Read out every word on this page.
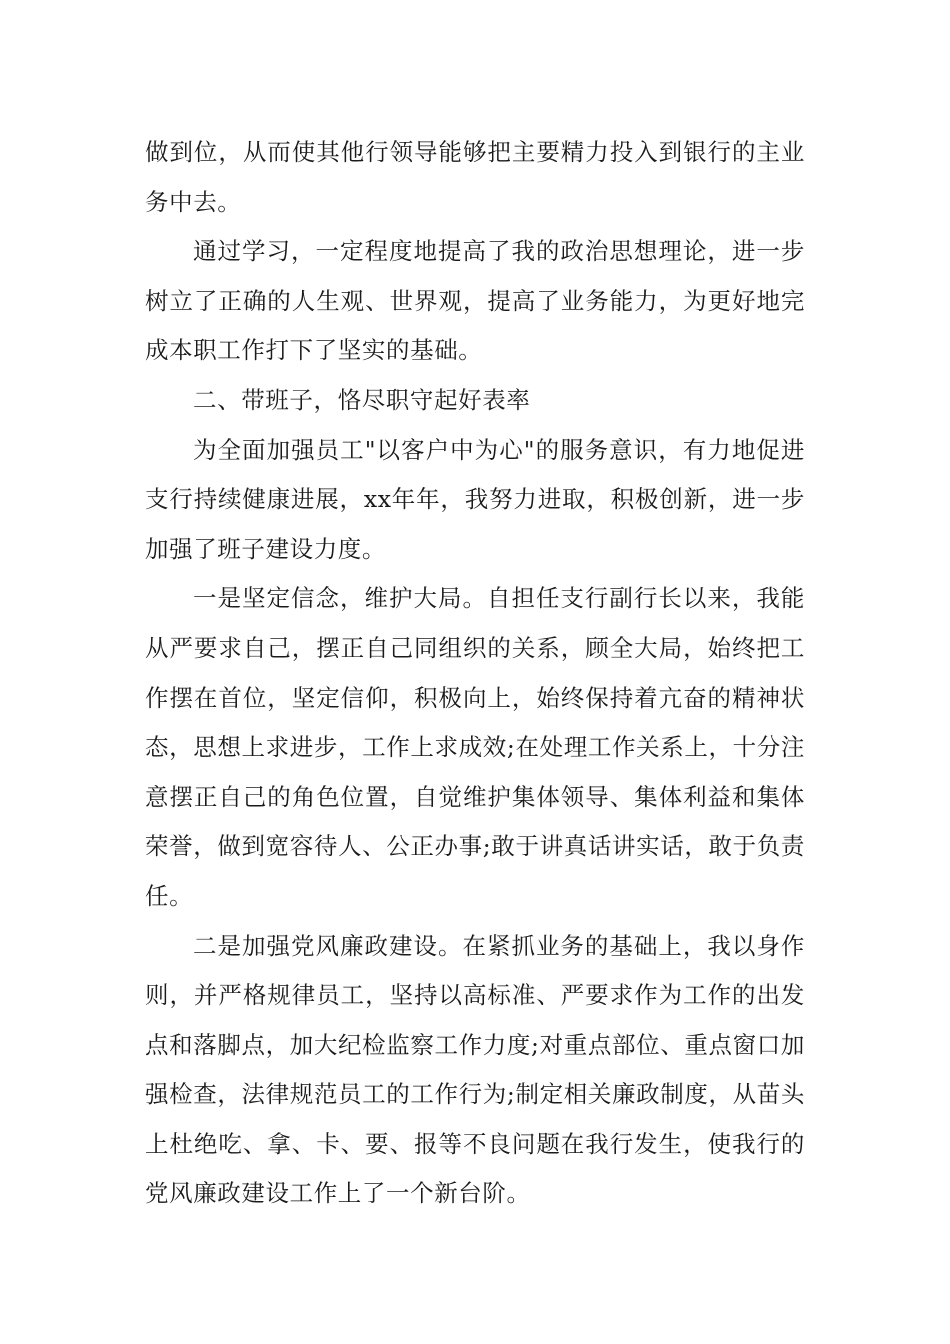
做到位，从而使其他行领导能够把主要精力投入到银行的主业务中去。

通过学习，一定程度地提高了我的政治思想理论，进一步树立了正确的人生观、世界观，提高了业务能力，为更好地完成本职工作打下了坚实的基础。

二、带班子，恪尽职守起好表率

为全面加强员工"以客户中为心"的服务意识，有力地促进支行持续健康进展，xx年年，我努力进取，积极创新，进一步加强了班子建设力度。

一是坚定信念，维护大局。自担任支行副行长以来，我能从严要求自己，摆正自己同组织的关系，顾全大局，始终把工作摆在首位，坚定信仰，积极向上，始终保持着亢奋的精神状态，思想上求进步，工作上求成效;在处理工作关系上，十分注意摆正自己的角色位置，自觉维护集体领导、集体利益和集体荣誉，做到宽容待人、公正办事;敢于讲真话讲实话，敢于负责任。

二是加强党风廉政建设。在紧抓业务的基础上，我以身作则，并严格规律员工，坚持以高标准、严要求作为工作的出发点和落脚点，加大纪检监察工作力度;对重点部位、重点窗口加强检查，法律规范员工的工作行为;制定相关廉政制度，从苗头上杜绝吃、拿、卡、要、报等不良问题在我行发生，使我行的党风廉政建设工作上了一个新台阶。
